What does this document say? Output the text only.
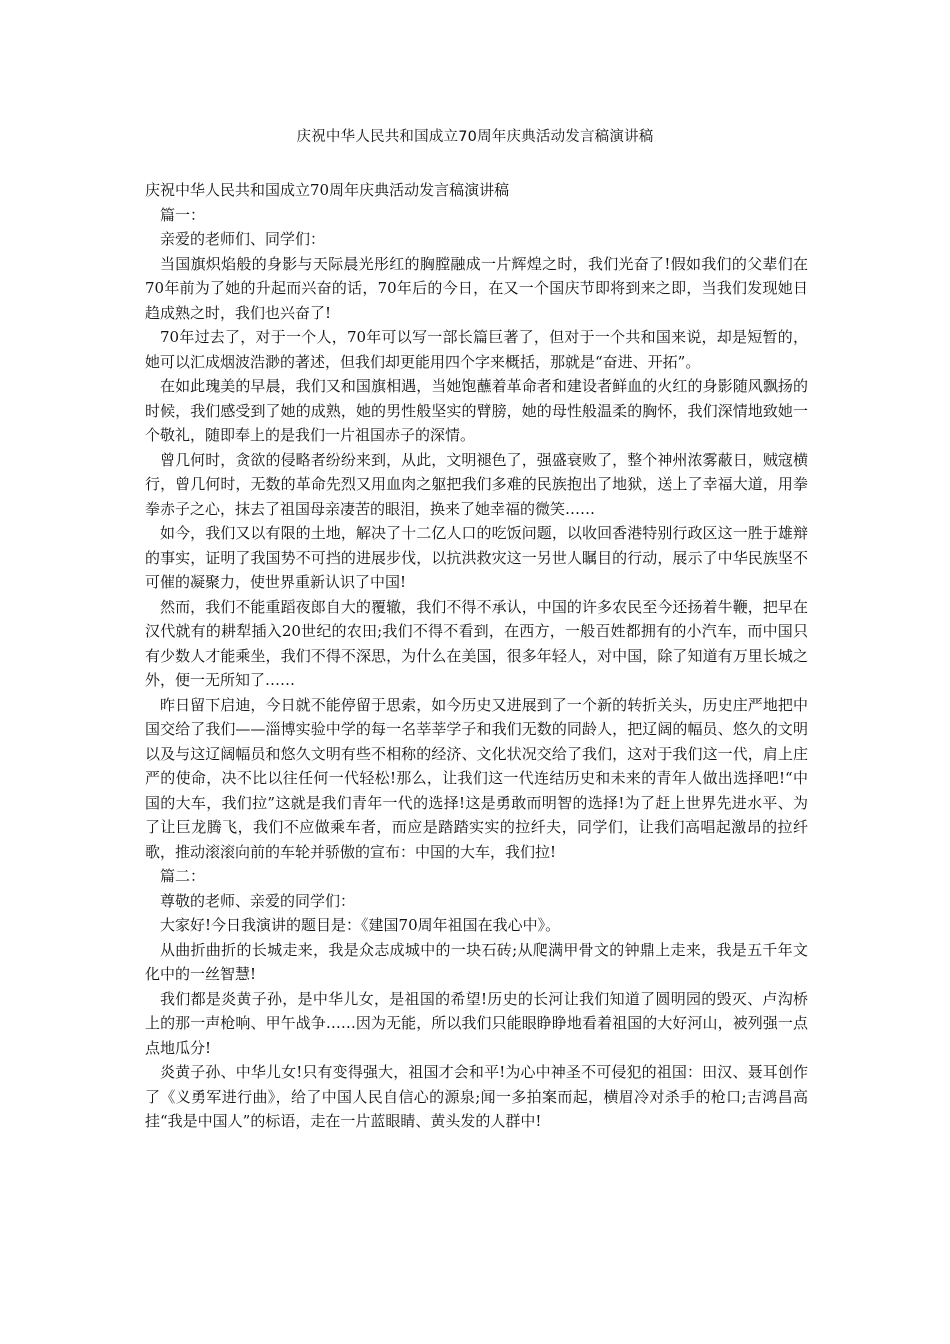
庆祝中华人民共和国成立70周年庆典活动发言稿演讲稿

庆祝中华人民共和国成立70周年庆典活动发言稿演讲稿

篇一：

亲爱的老师们、同学们：

当国旗炽焰般的身影与天际晨光彤红的胸膛融成一片辉煌之时，我们光奋了!假如我们的父辈们在70年前为了她的升起而兴奋的话，70年后的今日，在又一个国庆节即将到来之即，当我们发现她日趋成熟之时，我们也兴奋了!

70年过去了，对于一个人，70年可以写一部长篇巨著了，但对于一个共和国来说，却是短暂的，她可以汇成烟波浩渺的著述，但我们却更能用四个字来概括，那就是“奋进、开拓”。

在如此瑰美的早晨，我们又和国旗相遇，当她饱蘸着革命者和建设者鲜血的火红的身影随风飘扬的时候，我们感受到了她的成熟，她的男性般坚实的臂膀，她的母性般温柔的胸怀，我们深情地致她一个敬礼，随即奉上的是我们一片祖国赤子的深情。

曾几何时，贪欲的侵略者纷纷来到，从此，文明褪色了，强盛衰败了，整个神州浓雾蔽日，贼寇横行，曾几何时，无数的革命先烈又用血肉之躯把我们多难的民族抱出了地狱，送上了幸福大道，用拳拳赤子之心，抹去了祖国母亲凄苦的眼泪，换来了她幸福的微笑……

如今，我们又以有限的土地，解决了十二亿人口的吃饭问题，以收回香港特别行政区这一胜于雄辩的事实，证明了我国势不可挡的进展步伐，以抗洪救灾这一另世人瞩目的行动，展示了中华民族坚不可催的凝聚力，使世界重新认识了中国!

然而，我们不能重蹈夜郎自大的覆辙，我们不得不承认，中国的许多农民至今还扬着牛鞭，把早在汉代就有的耕犁插入20世纪的农田;我们不得不看到，在西方，一般百姓都拥有的小汽车，而中国只有少数人才能乘坐，我们不得不深思，为什么在美国，很多年轻人，对中国，除了知道有万里长城之外，便一无所知了……

昨日留下启迪，今日就不能停留于思索，如今历史又进展到了一个新的转折关头，历史庄严地把中国交给了我们——淄博实验中学的每一名莘莘学子和我们无数的同龄人，把辽阔的幅员、悠久的文明以及与这辽阔幅员和悠久文明有些不相称的经济、文化状况交给了我们，这对于我们这一代，肩上庄严的使命，决不比以往任何一代轻松!那么，让我们这一代连结历史和未来的青年人做出选择吧!“中国的大车，我们拉”这就是我们青年一代的选择!这是勇敢而明智的选择!为了赶上世界先进水平、为了让巨龙腾飞，我们不应做乘车者，而应是踏踏实实的拉纤夫，同学们，让我们高唱起激昂的拉纤歌，推动滚滚向前的车轮并骄傲的宣布：中国的大车，我们拉!

篇二：

尊敬的老师、亲爱的同学们：

大家好!今日我演讲的题目是：《建国70周年祖国在我心中》。

从曲折曲折的长城走来，我是众志成城中的一块石砖;从爬满甲骨文的钟鼎上走来，我是五千年文化中的一丝智慧!

我们都是炎黄子孙，是中华儿女，是祖国的希望!历史的长河让我们知道了圆明园的毁灭、卢沟桥上的那一声枪响、甲午战争……因为无能，所以我们只能眼睁睁地看着祖国的大好河山，被列强一点点地瓜分!

炎黄子孙、中华儿女!只有变得强大，祖国才会和平!为心中神圣不可侵犯的祖国：田汉、聂耳创作了《义勇军进行曲》，给了中国人民自信心的源泉;闻一多拍案而起，横眉冷对杀手的枪口;吉鸿昌高挂“我是中国人”的标语，走在一片蓝眼睛、黄头发的人群中!
